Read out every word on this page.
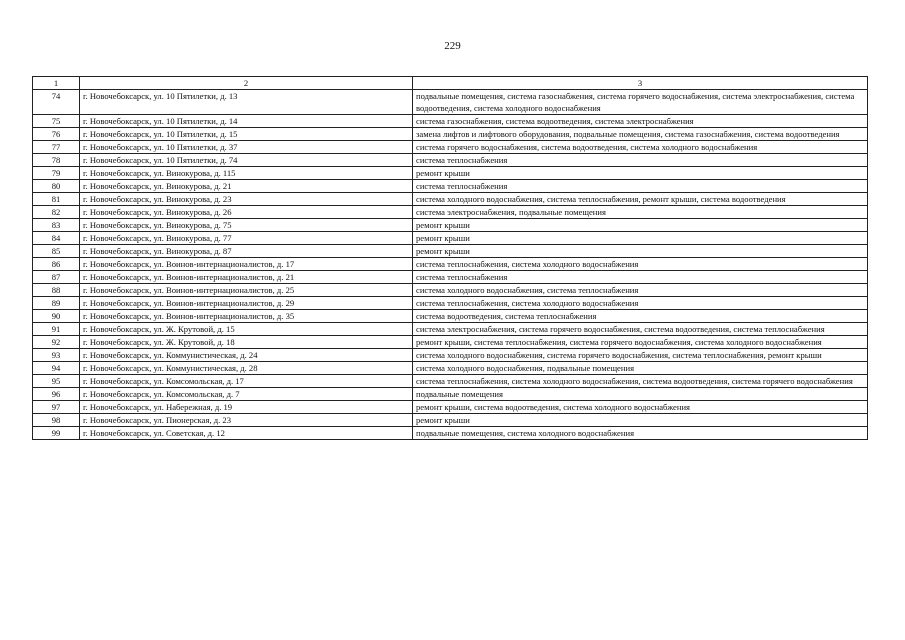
229
1	2	3
74	г. Новочебоксарск, ул. 10 Пятилетки, д. 13	подвальные помещения, система газоснабжения, система горячего водоснабжения, система электроснабжения, система водоотведения, система холодного водоснабжения
75	г. Новочебоксарск, ул. 10 Пятилетки, д. 14	система газоснабжения, система водоотведения, система электроснабжения
76	г. Новочебоксарск, ул. 10 Пятилетки, д. 15	замена лифтов и лифтового оборудования, подвальные помещения, система газоснабжения, система водоотведения
77	г. Новочебоксарск, ул. 10 Пятилетки, д. 37	система горячего водоснабжения, система водоотведения, система холодного водоснабжения
78	г. Новочебоксарск, ул. 10 Пятилетки, д. 74	система теплоснабжения
79	г. Новочебоксарск, ул. Винокурова, д. 115	ремонт крыши
80	г. Новочебоксарск, ул. Винокурова, д. 21	система теплоснабжения
81	г. Новочебоксарск, ул. Винокурова, д. 23	система холодного водоснабжения, система теплоснабжения, ремонт крыши, система водоотведения
82	г. Новочебоксарск, ул. Винокурова, д. 26	система электроснабжения, подвальные помещения
83	г. Новочебоксарск, ул. Винокурова, д. 75	ремонт крыши
84	г. Новочебоксарск, ул. Винокурова, д. 77	ремонт крыши
85	г. Новочебоксарск, ул. Винокурова, д. 87	ремонт крыши
86	г. Новочебоксарск, ул. Воинов-интернационалистов, д. 17	система теплоснабжения, система холодного водоснабжения
87	г. Новочебоксарск, ул. Воинов-интернационалистов, д. 21	система теплоснабжения
88	г. Новочебоксарск, ул. Воинов-интернационалистов, д. 25	система холодного водоснабжения, система теплоснабжения
89	г. Новочебоксарск, ул. Воинов-интернационалистов, д. 29	система теплоснабжения, система холодного водоснабжения
90	г. Новочебоксарск, ул. Воинов-интернационалистов, д. 35	система водоотведения, система теплоснабжения
91	г. Новочебоксарск, ул. Ж. Крутовой, д. 15	система электроснабжения, система горячего водоснабжения, система водоотведения, система теплоснабжения
92	г. Новочебоксарск, ул. Ж. Крутовой, д. 18	ремонт крыши, система теплоснабжения, система горячего водоснабжения, система холодного водоснабжения
93	г. Новочебоксарск, ул. Коммунистическая, д. 24	система холодного водоснабжения, система горячего водоснабжения, система теплоснабжения, ремонт крыши
94	г. Новочебоксарск, ул. Коммунистическая, д. 28	система холодного водоснабжения, подвальные помещения
95	г. Новочебоксарск, ул. Комсомольская, д. 17	система теплоснабжения, система холодного водоснабжения, система водоотведения, система горячего водоснабжения
96	г. Новочебоксарск, ул. Комсомольская, д. 7	подвальные помещения
97	г. Новочебоксарск, ул. Набережная, д. 19	ремонт крыши, система водоотведения, система холодного водоснабжения
98	г. Новочебоксарск, ул. Пионерская, д. 23	ремонт крыши
99	г. Новочебоксарск, ул. Советская, д. 12	подвальные помещения, система холодного водоснабжения
